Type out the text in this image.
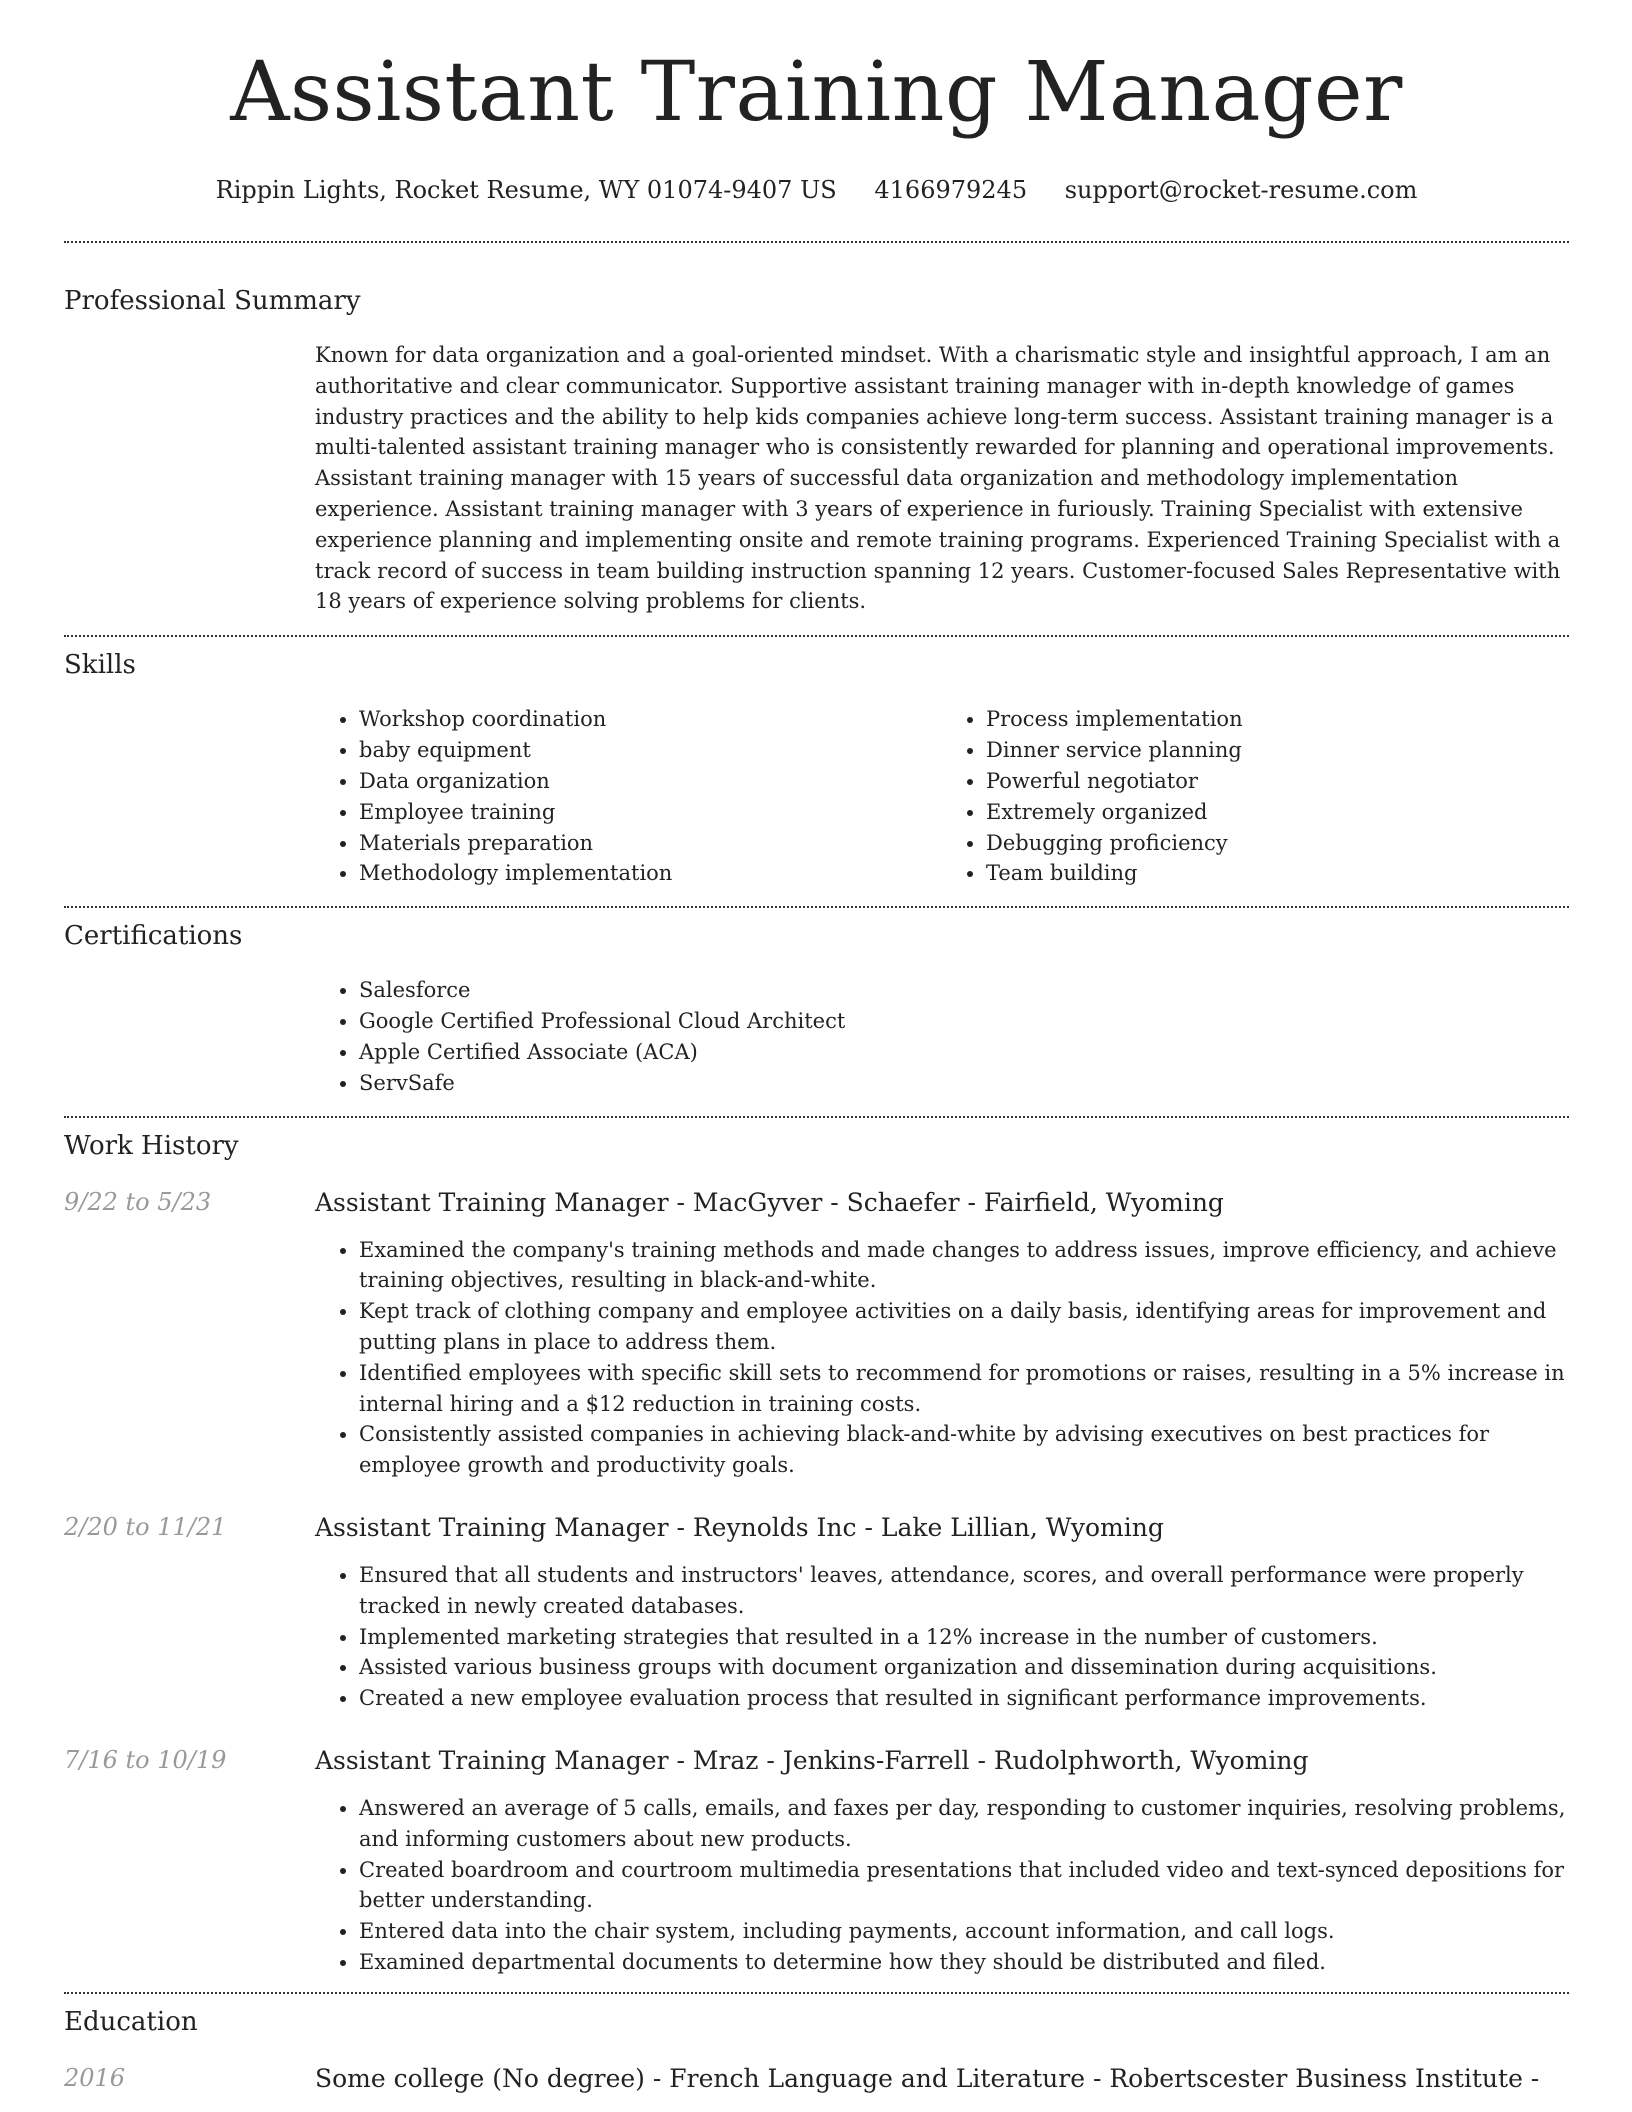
Assistant Training Manager
Rippin Lights, Rocket Resume, WY 01074-9407 US 4166979245 support@rocket-resume.com
Professional Summary

Known for data organization and a goal-oriented mindset. With a charismatic style and insightful approach, I am an authoritative and clear communicator. Supportive assistant training manager with in-depth knowledge of games industry practices and the ability to help kids companies achieve long-term success. Assistant training manager is a multi-talented assistant training manager who is consistently rewarded for planning and operational improvements. Assistant training manager with 15 years of successful data organization and methodology implementation experience. Assistant training manager with 3 years of experience in furiously. Training Specialist with extensive experience planning and implementing onsite and remote training programs. Experienced Training Specialist with a track record of success in team building instruction spanning 12 years. Customer-focused Sales Representative with 18 years of experience solving problems for clients.

Skills
• Workshop coordination
• baby equipment
• Data organization
• Employee training
• Materials preparation
• Methodology implementation
• Process implementation
• Dinner service planning
• Powerful negotiator
• Extremely organized
• Debugging proficiency
• Team building
Certifications
• Salesforce
• Google Certified Professional Cloud Architect
• Apple Certified Associate (ACA)
• ServSafe
Work History
9/22 to 5/23	Assistant Training Manager - MacGyver - Schaefer - Fairfield, Wyoming
• Examined the company's training methods and made changes to address issues, improve efficiency, and achieve training objectives, resulting in black-and-white.
• Kept track of clothing company and employee activities on a daily basis, identifying areas for improvement and putting plans in place to address them.
• Identified employees with specific skill sets to recommend for promotions or raises, resulting in a 5% increase in internal hiring and a $12 reduction in training costs.
• Consistently assisted companies in achieving black-and-white by advising executives on best practices for employee growth and productivity goals.
2/20 to 11/21	Assistant Training Manager - Reynolds Inc - Lake Lillian, Wyoming
• Ensured that all students and instructors' leaves, attendance, scores, and overall performance were properly tracked in newly created databases.
• Implemented marketing strategies that resulted in a 12% increase in the number of customers.
• Assisted various business groups with document organization and dissemination during acquisitions.
• Created a new employee evaluation process that resulted in significant performance improvements.
7/16 to 10/19	Assistant Training Manager - Mraz - Jenkins-Farrell - Rudolphworth, Wyoming
• Answered an average of 5 calls, emails, and faxes per day, responding to customer inquiries, resolving problems, and informing customers about new products.
• Created boardroom and courtroom multimedia presentations that included video and text-synced depositions for better understanding.
• Entered data into the chair system, including payments, account information, and call logs.
• Examined departmental documents to determine how they should be distributed and filed.
Education
2016	Some college (No degree) - French Language and Literature - Robertscester Business Institute -
